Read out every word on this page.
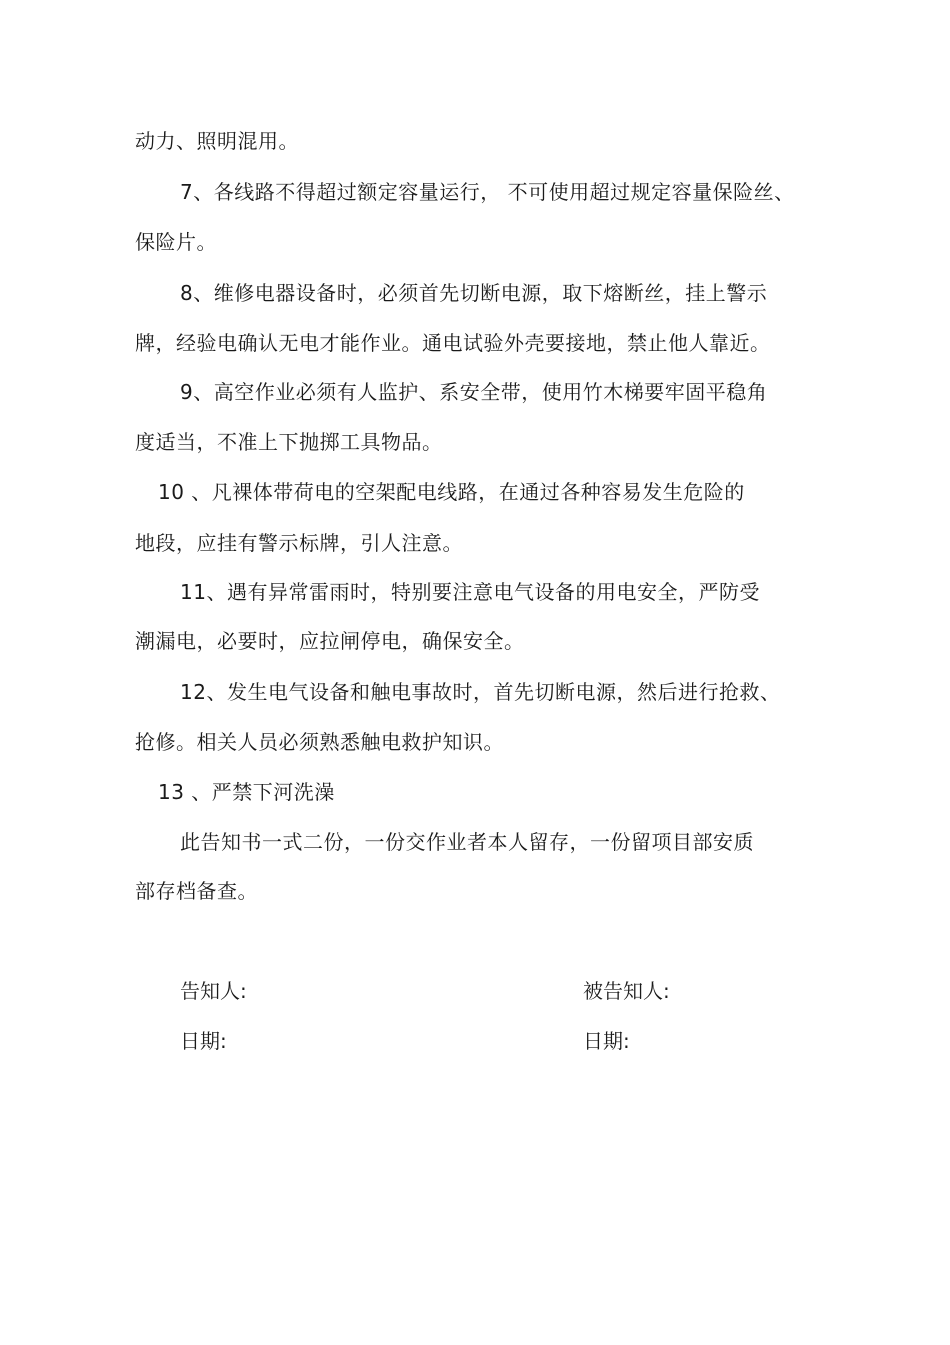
动力、照明混用。
7、各线路不得超过额定容量运行， 不可使用超过规定容量保险丝、
保险片。
8、维修电器设备时，必须首先切断电源，取下熔断丝，挂上警示
牌，经验电确认无电才能作业。通电试验外壳要接地，禁止他人靠近。
9、高空作业必须有人监护、系安全带，使用竹木梯要牢固平稳角
度适当，不准上下抛掷工具物品。
10 、凡裸体带荷电的空架配电线路，在通过各种容易发生危险的
地段，应挂有警示标牌，引人注意。
11、遇有异常雷雨时，特别要注意电气设备的用电安全，严防受
潮漏电，必要时，应拉闸停电，确保安全。
12、发生电气设备和触电事故时，首先切断电源，然后进行抢救、
抢修。相关人员必须熟悉触电救护知识。
13 、严禁下河洗澡
此告知书一式二份，一份交作业者本人留存，一份留项目部安质
部存档备查。
告知人:	被告知人:
日期:	日期:
